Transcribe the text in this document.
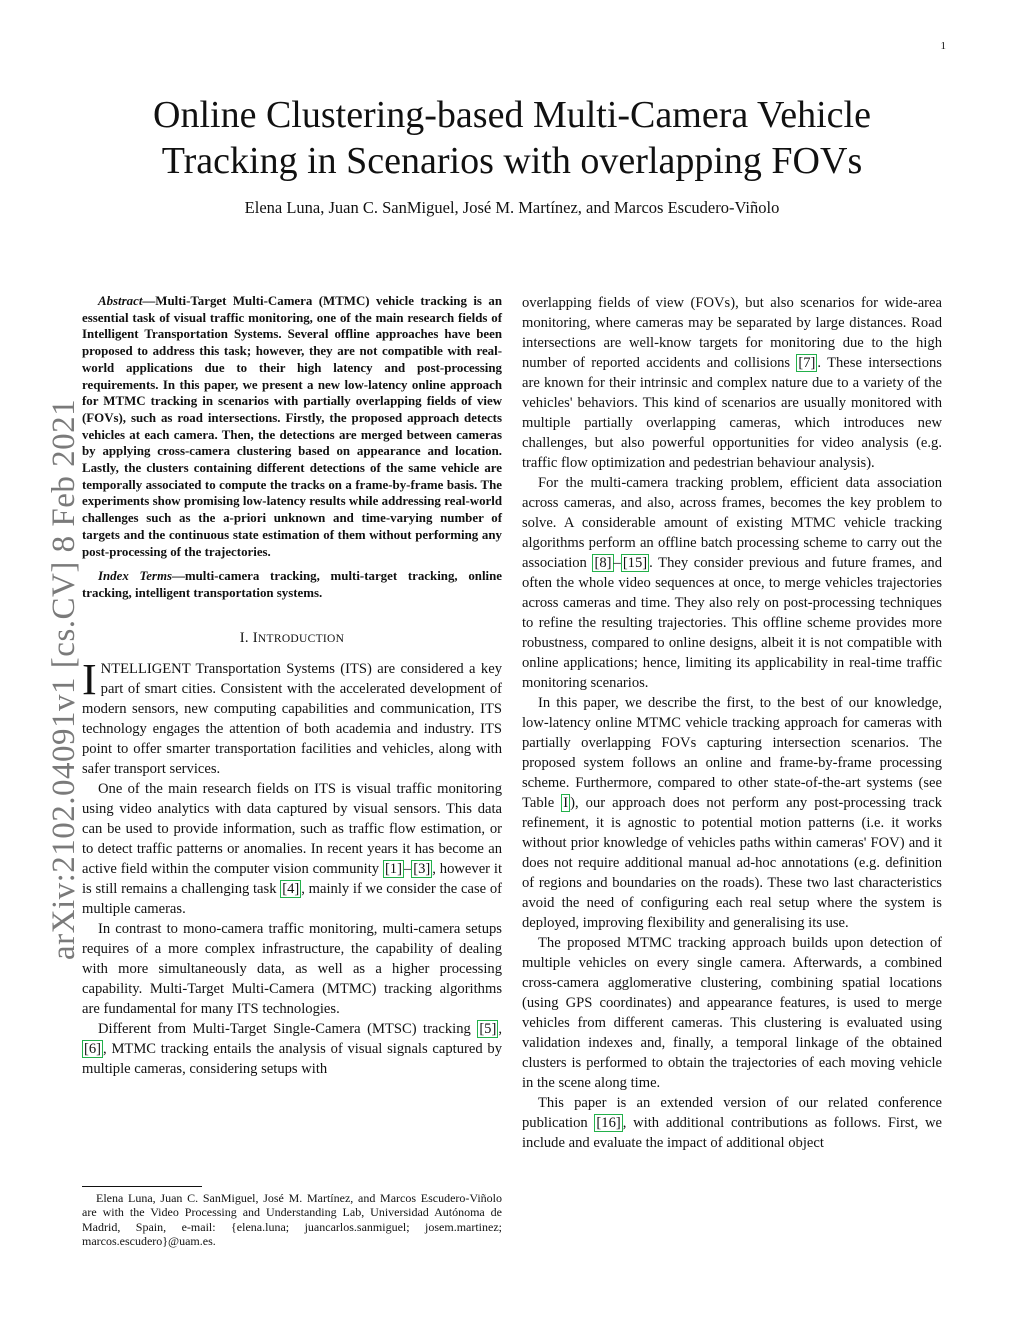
1
arXiv:2102.04091v1 [cs.CV] 8 Feb 2021
Online Clustering-based Multi-Camera Vehicle
Tracking in Scenarios with overlapping FOVs
Elena Luna, Juan C. SanMiguel, José M. Martínez, and Marcos Escudero-Viñolo

Abstract—Multi-Target Multi-Camera (MTMC) vehicle tracking is an essential task of visual traffic monitoring, one of the main research fields of Intelligent Transportation Systems. Several offline approaches have been proposed to address this task; however, they are not compatible with real-world applications due to their high latency and post-processing requirements. In this paper, we present a new low-latency online approach for MTMC tracking in scenarios with partially overlapping fields of view (FOVs), such as road intersections. Firstly, the proposed approach detects vehicles at each camera. Then, the detections are merged between cameras by applying cross-camera clustering based on appearance and location. Lastly, the clusters containing different detections of the same vehicle are temporally associated to compute the tracks on a frame-by-frame basis. The experiments show promising low-latency results while addressing real-world challenges such as the a-priori unknown and time-varying number of targets and the continuous state estimation of them without performing any post-processing of the trajectories.

Index Terms—multi-camera tracking, multi-target tracking, online tracking, intelligent transportation systems.

I. INTRODUCTION

INTELLIGENT Transportation Systems (ITS) are considered a key part of smart cities. Consistent with the accelerated development of modern sensors, new computing capabilities and communication, ITS technology engages the attention of both academia and industry. ITS point to offer smarter transportation facilities and vehicles, along with safer transport services.

One of the main research fields on ITS is visual traffic monitoring using video analytics with data captured by visual sensors. This data can be used to provide information, such as traffic flow estimation, or to detect traffic patterns or anomalies. In recent years it has become an active field within the computer vision community [1] – [3] , however it is still remains a challenging task [4] , mainly if we consider the case of multiple cameras.

In contrast to mono-camera traffic monitoring, multi-camera setups requires of a more complex infrastructure, the capability of dealing with more simultaneously data, as well as a higher processing capability. Multi-Target Multi-Camera (MTMC) tracking algorithms are fundamental for many ITS technologies.

Different from Multi-Target Single-Camera (MTSC) tracking [5] , [6] , MTMC tracking entails the analysis of visual signals captured by multiple cameras, considering setups with

overlapping fields of view (FOVs), but also scenarios for wide-area monitoring, where cameras may be separated by large distances. Road intersections are well-know targets for monitoring due to the high number of reported accidents and collisions [7] . These intersections are known for their intrinsic and complex nature due to a variety of the vehicles' behaviors. This kind of scenarios are usually monitored with multiple partially overlapping cameras, which introduces new challenges, but also powerful opportunities for video analysis (e.g. traffic flow optimization and pedestrian behaviour analysis).

For the multi-camera tracking problem, efficient data association across cameras, and also, across frames, becomes the key problem to solve. A considerable amount of existing MTMC vehicle tracking algorithms perform an offline batch processing scheme to carry out the association [8] – [15] . They consider previous and future frames, and often the whole video sequences at once, to merge vehicles trajectories across cameras and time. They also rely on post-processing techniques to refine the resulting trajectories. This offline scheme provides more robustness, compared to online designs, albeit it is not compatible with online applications; hence, limiting its applicability in real-time traffic monitoring scenarios.

In this paper, we describe the first, to the best of our knowledge, low-latency online MTMC vehicle tracking approach for cameras with partially overlapping FOVs capturing intersection scenarios. The proposed system follows an online and frame-by-frame processing scheme. Furthermore, compared to other state-of-the-art systems (see Table I ), our approach does not perform any post-processing track refinement, it is agnostic to potential motion patterns (i.e. it works without prior knowledge of vehicles paths within cameras' FOV) and it does not require additional manual ad-hoc annotations (e.g. definition of regions and boundaries on the roads). These two last characteristics avoid the need of configuring each real setup where the system is deployed, improving flexibility and generalising its use.

The proposed MTMC tracking approach builds upon detection of multiple vehicles on every single camera. Afterwards, a combined cross-camera agglomerative clustering, combining spatial locations (using GPS coordinates) and appearance features, is used to merge vehicles from different cameras. This clustering is evaluated using validation indexes and, finally, a temporal linkage of the obtained clusters is performed to obtain the trajectories of each moving vehicle in the scene along time.

This paper is an extended version of our related conference publication [16] , with additional contributions as follows. First, we include and evaluate the impact of additional object

Elena Luna, Juan C. SanMiguel, José M. Martínez, and Marcos Escudero-Viñolo are with the Video Processing and Understanding Lab, Universidad Autónoma de Madrid, Spain, e-mail: {elena.luna; juancarlos.sanmiguel; josem.martinez; marcos.escudero}@uam.es.
